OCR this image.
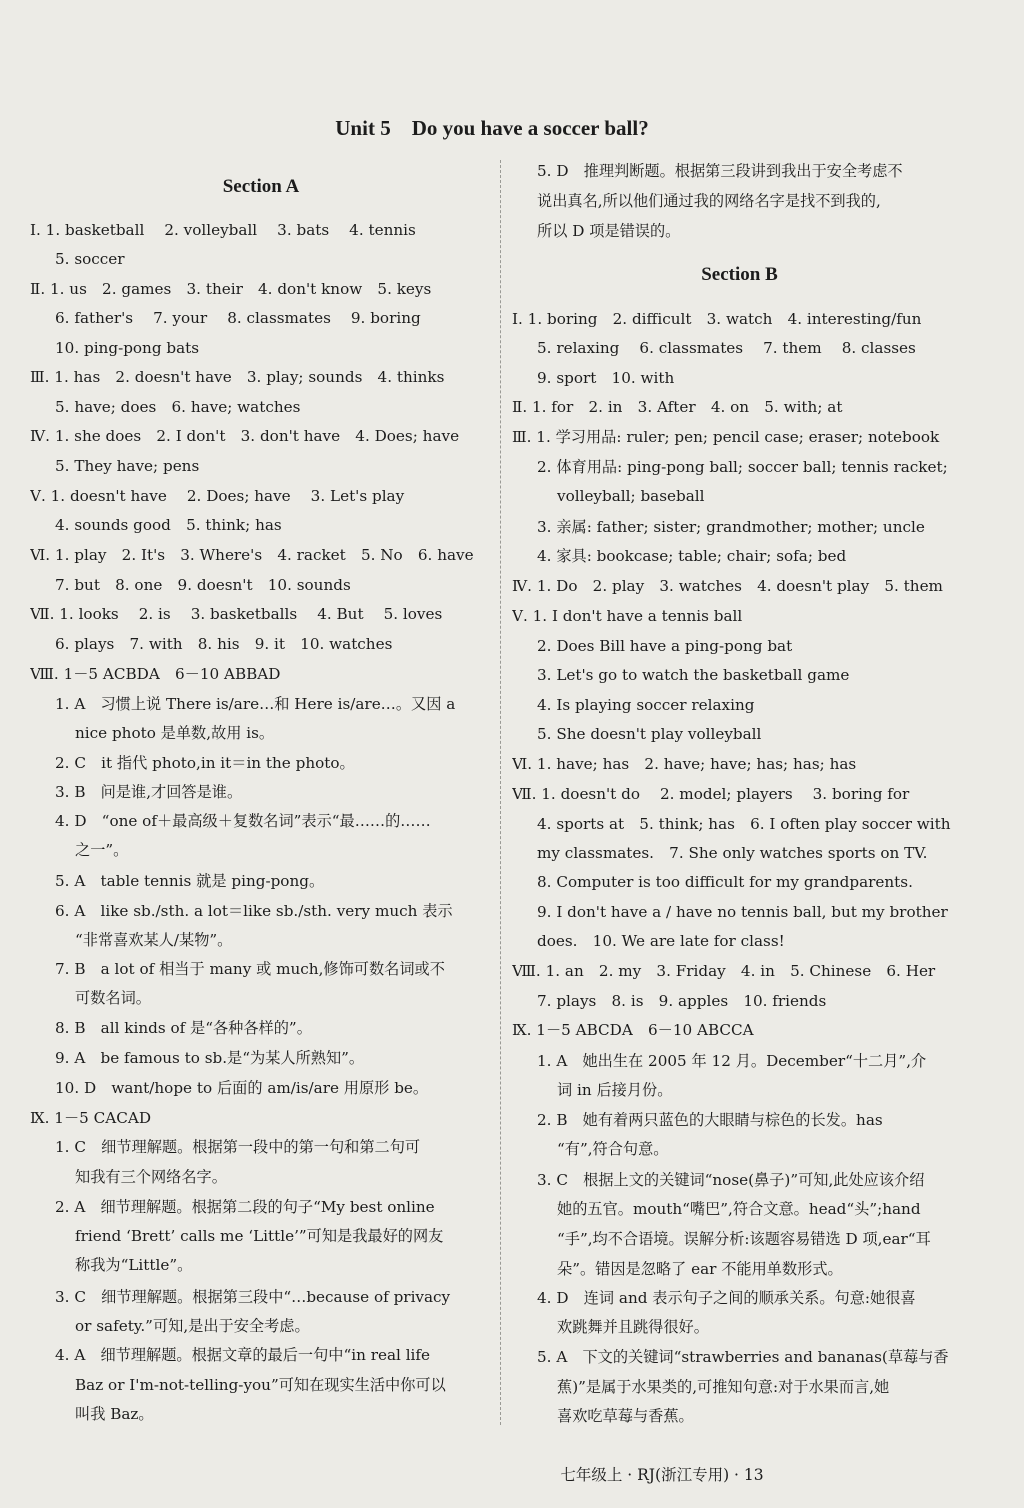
Unit 5　Do you have a soccer ball?
Section A
Ⅰ. 1. basketball　 2. volleyball　 3. bats　 4. tennis
5. soccer
Ⅱ. 1. us　2. games　3. their　4. don't know　5. keys
6. father's　 7. your　 8. classmates　 9. boring
10. ping-pong bats
Ⅲ. 1. has　2. doesn't have　3. play; sounds　4. thinks
5. have; does　6. have; watches
Ⅳ. 1. she does　2. I don't　3. don't have　4. Does; have
5. They have; pens
Ⅴ. 1. doesn't have　 2. Does; have　 3. Let's play
4. sounds good　5. think; has
Ⅵ. 1. play　2. It's　3. Where's　4. racket　5. No　6. have
7. but　8. one　9. doesn't　10. sounds
Ⅶ. 1. looks　 2. is　 3. basketballs　 4. But　 5. loves
6. plays　7. with　8. his　9. it　10. watches
Ⅷ. 1－5 ACBDA　6－10 ABBAD
1. A　习惯上说 There is/are…和 Here is/are…。又因 a
nice photo 是单数,故用 is。
2. C　it 指代 photo,in it＝in the photo。
3. B　问是谁,才回答是谁。
4. D　“one of＋最高级＋复数名词”表示“最……的……
之一”。
5. A　table tennis 就是 ping-pong。
6. A　like sb./sth. a lot＝like sb./sth. very much 表示
“非常喜欢某人/某物”。
7. B　a lot of 相当于 many 或 much,修饰可数名词或不
可数名词。
8. B　all kinds of 是“各种各样的”。
9. A　be famous to sb.是“为某人所熟知”。
10. D　want/hope to 后面的 am/is/are 用原形 be。
Ⅸ. 1－5 CACAD
1. C　细节理解题。根据第一段中的第一句和第二句可
知我有三个网络名字。
2. A　细节理解题。根据第二段的句子“My best online
friend ‘Brett’ calls me ‘Little’”可知是我最好的网友
称我为“Little”。
3. C　细节理解题。根据第三段中“…because of privacy
or safety.”可知,是出于安全考虑。
4. A　细节理解题。根据文章的最后一句中“in real life
Baz or I'm-not-telling-you”可知在现实生活中你可以
叫我 Baz。
5. D　推理判断题。根据第三段讲到我出于安全考虑不
说出真名,所以他们通过我的网络名字是找不到我的,
所以 D 项是错误的。
Section B
Ⅰ. 1. boring　2. difficult　3. watch　4. interesting/fun
5. relaxing　 6. classmates　 7. them　 8. classes
9. sport　10. with
Ⅱ. 1. for　2. in　3. After　4. on　5. with; at
Ⅲ. 1. 学习用品: ruler; pen; pencil case; eraser; notebook
2. 体育用品: ping-pong ball; soccer ball; tennis racket;
volleyball; baseball
3. 亲属: father; sister; grandmother; mother; uncle
4. 家具: bookcase; table; chair; sofa; bed
Ⅳ. 1. Do　2. play　3. watches　4. doesn't play　5. them
Ⅴ. 1. I don't have a tennis ball
2. Does Bill have a ping-pong bat
3. Let's go to watch the basketball game
4. Is playing soccer relaxing
5. She doesn't play volleyball
Ⅵ. 1. have; has　2. have; have; has; has; has
Ⅶ. 1. doesn't do　 2. model; players　 3. boring for
4. sports at　5. think; has　6. I often play soccer with
my classmates.　7. She only watches sports on TV.
8. Computer is too difficult for my grandparents.
9. I don't have a / have no tennis ball, but my brother
does.　10. We are late for class!
Ⅷ. 1. an　2. my　3. Friday　4. in　5. Chinese　6. Her
7. plays　8. is　9. apples　10. friends
Ⅸ. 1－5 ABCDA　6－10 ABCCA
1. A　她出生在 2005 年 12 月。December“十二月”,介
词 in 后接月份。
2. B　她有着两只蓝色的大眼睛与棕色的长发。has
“有”,符合句意。
3. C　根据上文的关键词“nose(鼻子)”可知,此处应该介绍
她的五官。mouth“嘴巴”,符合文意。head“头”;hand
“手”,均不合语境。误解分析:该题容易错选 D 项,ear“耳
朵”。错因是忽略了 ear 不能用单数形式。
4. D　连词 and 表示句子之间的顺承关系。句意:她很喜
欢跳舞并且跳得很好。
5. A　下文的关键词“strawberries and bananas(草莓与香
蕉)”是属于水果类的,可推知句意:对于水果而言,她
喜欢吃草莓与香蕉。
七年级上 · RJ(浙江专用) · 13
